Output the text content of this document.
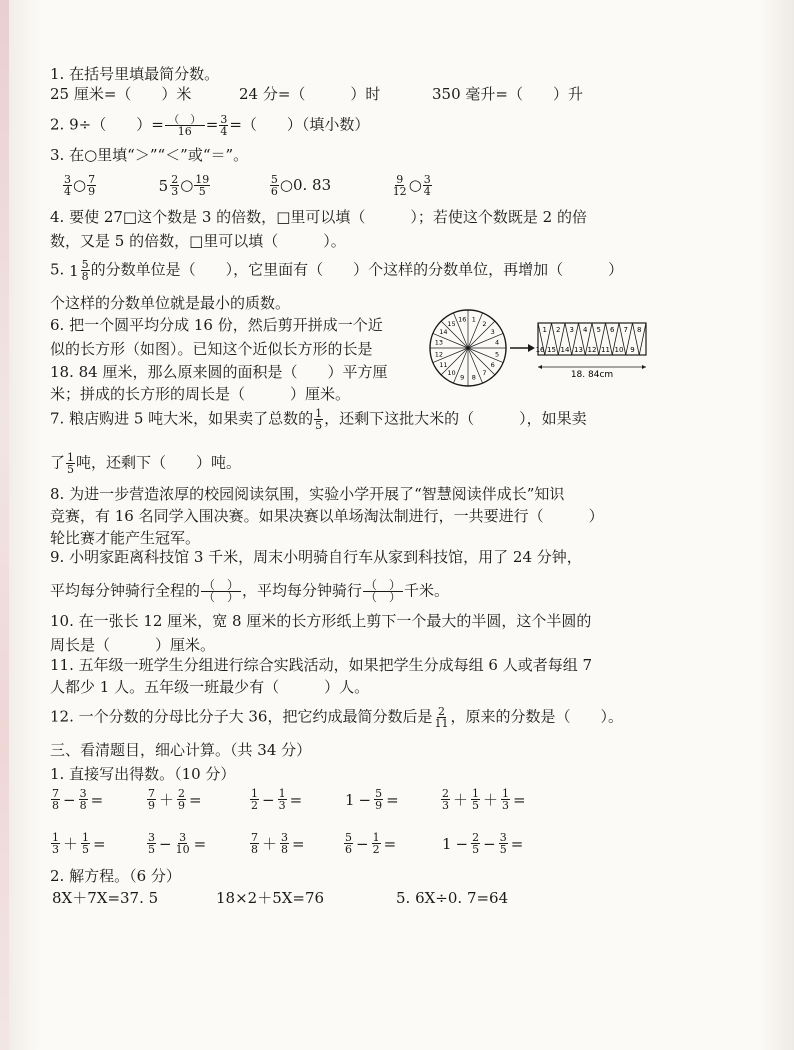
1. 在括号里填最简分数。
25 厘米=（　　）米	24 分=（　　　）时	350 毫升=（　　）升
2. 9÷（　　）= $\frac{( )}{16} = \frac{3}{4}$ =（　　）（填小数）
3. 在○里填“＞”“＜”或“＝”。
$\frac{3}{4}$ ○ $\frac{7}{9}$
	$5 \frac{2}{3}$ ○ $\frac{19}{5}$
	$\frac{5}{6}$ ○0. 83	$\frac{9}{12}$ ○ $\frac{3}{4}$
4. 要使 27□这个数是 3 的倍数，□里可以填（　　　）；若使这个数既是 2 的倍
数，又是 5 的倍数，□里可以填（　　　）。
5. $1 \frac{5}{8}$ 的分数单位是（　　），它里面有（　　）个这样的分数单位，再增加（　　　）
个这样的分数单位就是最小的质数。
6. 把一个圆平均分成 16 份，然后剪开拼成一个近
似的长方形（如图）。已知这个近似长方形的长是
18. 84 厘米，那么原来圆的面积是（　　）平方厘
米；拼成的长方形的周长是（　　　）厘米。
1
2
3
4
5
6
7
8
9
10
11
12
13
14
15
16
1
16
2
15
3
14
4
13
5
12
6
11
7
10
8
9
18. 84cm
7. 粮店购进 5 吨大米，如果卖了总数的 $\frac{1}{5}$ ，还剩下这批大米的（　　　），如果卖
了 $\frac{1}{5}$ 吨，还剩下（　　）吨。
8. 为进一步营造浓厚的校园阅读氛围，实验小学开展了“智慧阅读伴成长”知识
竞赛，有 16 名同学入围决赛。如果决赛以单场淘汰制进行，一共要进行（　　　）
轮比赛才能产生冠军。
9. 小明家距离科技馆 3 千米，周末小明骑自行车从家到科技馆，用了 24 分钟，
平均每分钟骑行全程的 $\frac{( )}{( )}$ ，平均每分钟骑行 $\frac{( )}{( )}$ 千米。
10. 在一张长 12 厘米，宽 8 厘米的长方形纸上剪下一个最大的半圆，这个半圆的
周长是（　　　）厘米。
11. 五年级一班学生分组进行综合实践活动，如果把学生分成每组 6 人或者每组 7
人都少 1 人。五年级一班最少有（　　　）人。
12. 一个分数的分母比分子大 36，把它约成最简分数后是 $\frac{2}{11}$ ，原来的分数是（　　）。
三、看清题目，细心计算。（共 34 分）
1. 直接写出得数。（10 分）
$\frac{7}{8} - \frac{3}{8}$ =	$\frac{7}{9} + \frac{2}{9}$ =	$\frac{1}{2} - \frac{1}{3}$ =	$1 - \frac{5}{9}$ =	$\frac{2}{3} + \frac{1}{5} + \frac{1}{3}$ =
$\frac{1}{3} + \frac{1}{5}$ =	$\frac{3}{5} - \frac{3}{10}$ =	$\frac{7}{8} + \frac{3}{8}$ =	$\frac{5}{6} - \frac{1}{2}$ =	$1 - \frac{2}{5} - \frac{3}{5}$ =
2. 解方程。（6 分）
8X＋7X=37. 5	18×2＋5X=76	5. 6X÷0. 7=64
